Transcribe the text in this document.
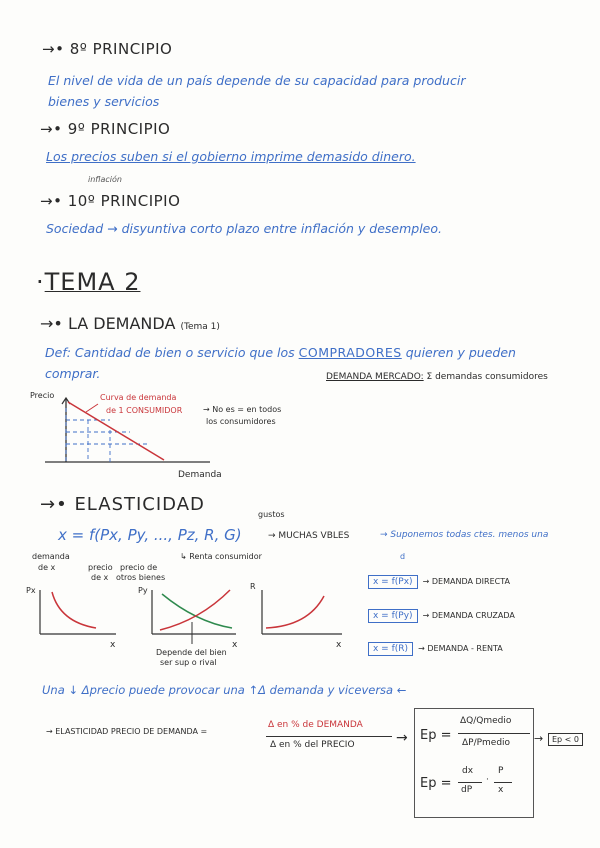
→• 8º PRINCIPIO
El nivel de vida de un país depende de su capacidad para producir
bienes y servicios
→• 9º PRINCIPIO
Los precios suben si el gobierno imprime demasido dinero.
inflación
→• 10º PRINCIPIO
Sociedad → disyuntiva corto plazo entre inflación y desempleo.
·TEMA 2
→• LA DEMANDA (Tema 1)
Def: Cantidad de bien o servicio que los COMPRADORES quieren y pueden
comprar.	DEMANDA MERCADO: Σ demandas consumidores
Precio
Demanda
Curva de demanda
de 1 CONSUMIDOR	→ No es = en todos
los consumidores
→• ELASTICIDAD	gustos
x = f(Px, Py, ..., Pz, R, G)	→ MUCHAS VBLES	→ Suponemos todas ctes. menos una
d
demanda
de x	precio
de x
precio de
otros bienes
↳ Renta consumidor
Px
x
Py
x
Depende del bien
ser sup o rival
R
x
x = f(Px) → DEMANDA DIRECTA
x = f(Py) → DEMANDA CRUZADA
x = f(R) → DEMANDA - RENTA
Una ↓ Δprecio puede provocar una ↑Δ demanda y viceversa ←
→ ELASTICIDAD PRECIO DE DEMANDA =
Δ en % de DEMANDA
Δ en % del PRECIO	→ Ep =
ΔQ/Qmedio
ΔP/Pmedio
Ep =
dx
dP
·
P
x
→	Ep < 0
